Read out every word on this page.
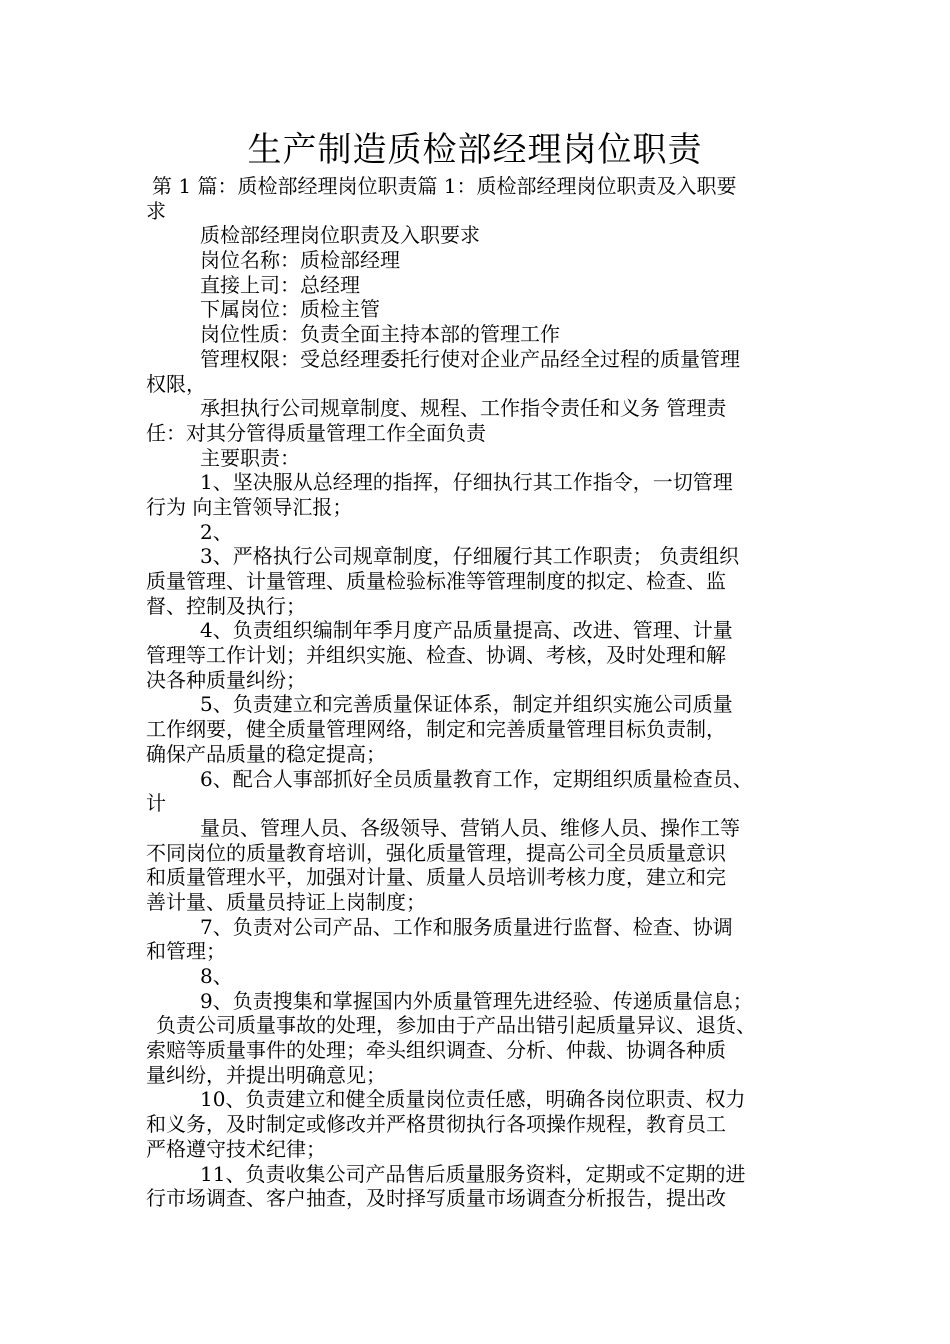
生产制造质检部经理岗位职责
第 1 篇：质检部经理岗位职责篇 1：质检部经理岗位职责及入职要
求
质检部经理岗位职责及入职要求
岗位名称：质检部经理
直接上司：总经理
下属岗位：质检主管
岗位性质：负责全面主持本部的管理工作
管理权限：受总经理委托行使对企业产品经全过程的质量管理
权限，
承担执行公司规章制度、规程、工作指令责任和义务 管理责
任：对其分管得质量管理工作全面负责
主要职责：
1、坚决服从总经理的指挥，仔细执行其工作指令，一切管理
行为 向主管领导汇报；
2、
3、严格执行公司规章制度，仔细履行其工作职责； 负责组织
质量管理、计量管理、质量检验标准等管理制度的拟定、检查、监
督、控制及执行；
4、负责组织编制年季月度产品质量提高、改进、管理、计量
管理等工作计划；并组织实施、检查、协调、考核，及时处理和解
决各种质量纠纷；
5、负责建立和完善质量保证体系，制定并组织实施公司质量
工作纲要，健全质量管理网络，制定和完善质量管理目标负责制，
确保产品质量的稳定提高；
6、配合人事部抓好全员质量教育工作，定期组织质量检查员、
计
量员、管理人员、各级领导、营销人员、维修人员、操作工等
不同岗位的质量教育培训，强化质量管理，提高公司全员质量意识
和质量管理水平，加强对计量、质量人员培训考核力度，建立和完
善计量、质量员持证上岗制度；
7、负责对公司产品、工作和服务质量进行监督、检查、协调
和管理；
8、
9、负责搜集和掌握国内外质量管理先进经验、传递质量信息；
负责公司质量事故的处理，参加由于产品出错引起质量异议、退货、
索赔等质量事件的处理；牵头组织调查、分析、仲裁、协调各种质
量纠纷，并提出明确意见；
10、负责建立和健全质量岗位责任感，明确各岗位职责、权力
和义务，及时制定或修改并严格贯彻执行各项操作规程，教育员工
严格遵守技术纪律；
11、负责收集公司产品售后质量服务资料，定期或不定期的进
行市场调查、客户抽查，及时择写质量市场调查分析报告，提出改
